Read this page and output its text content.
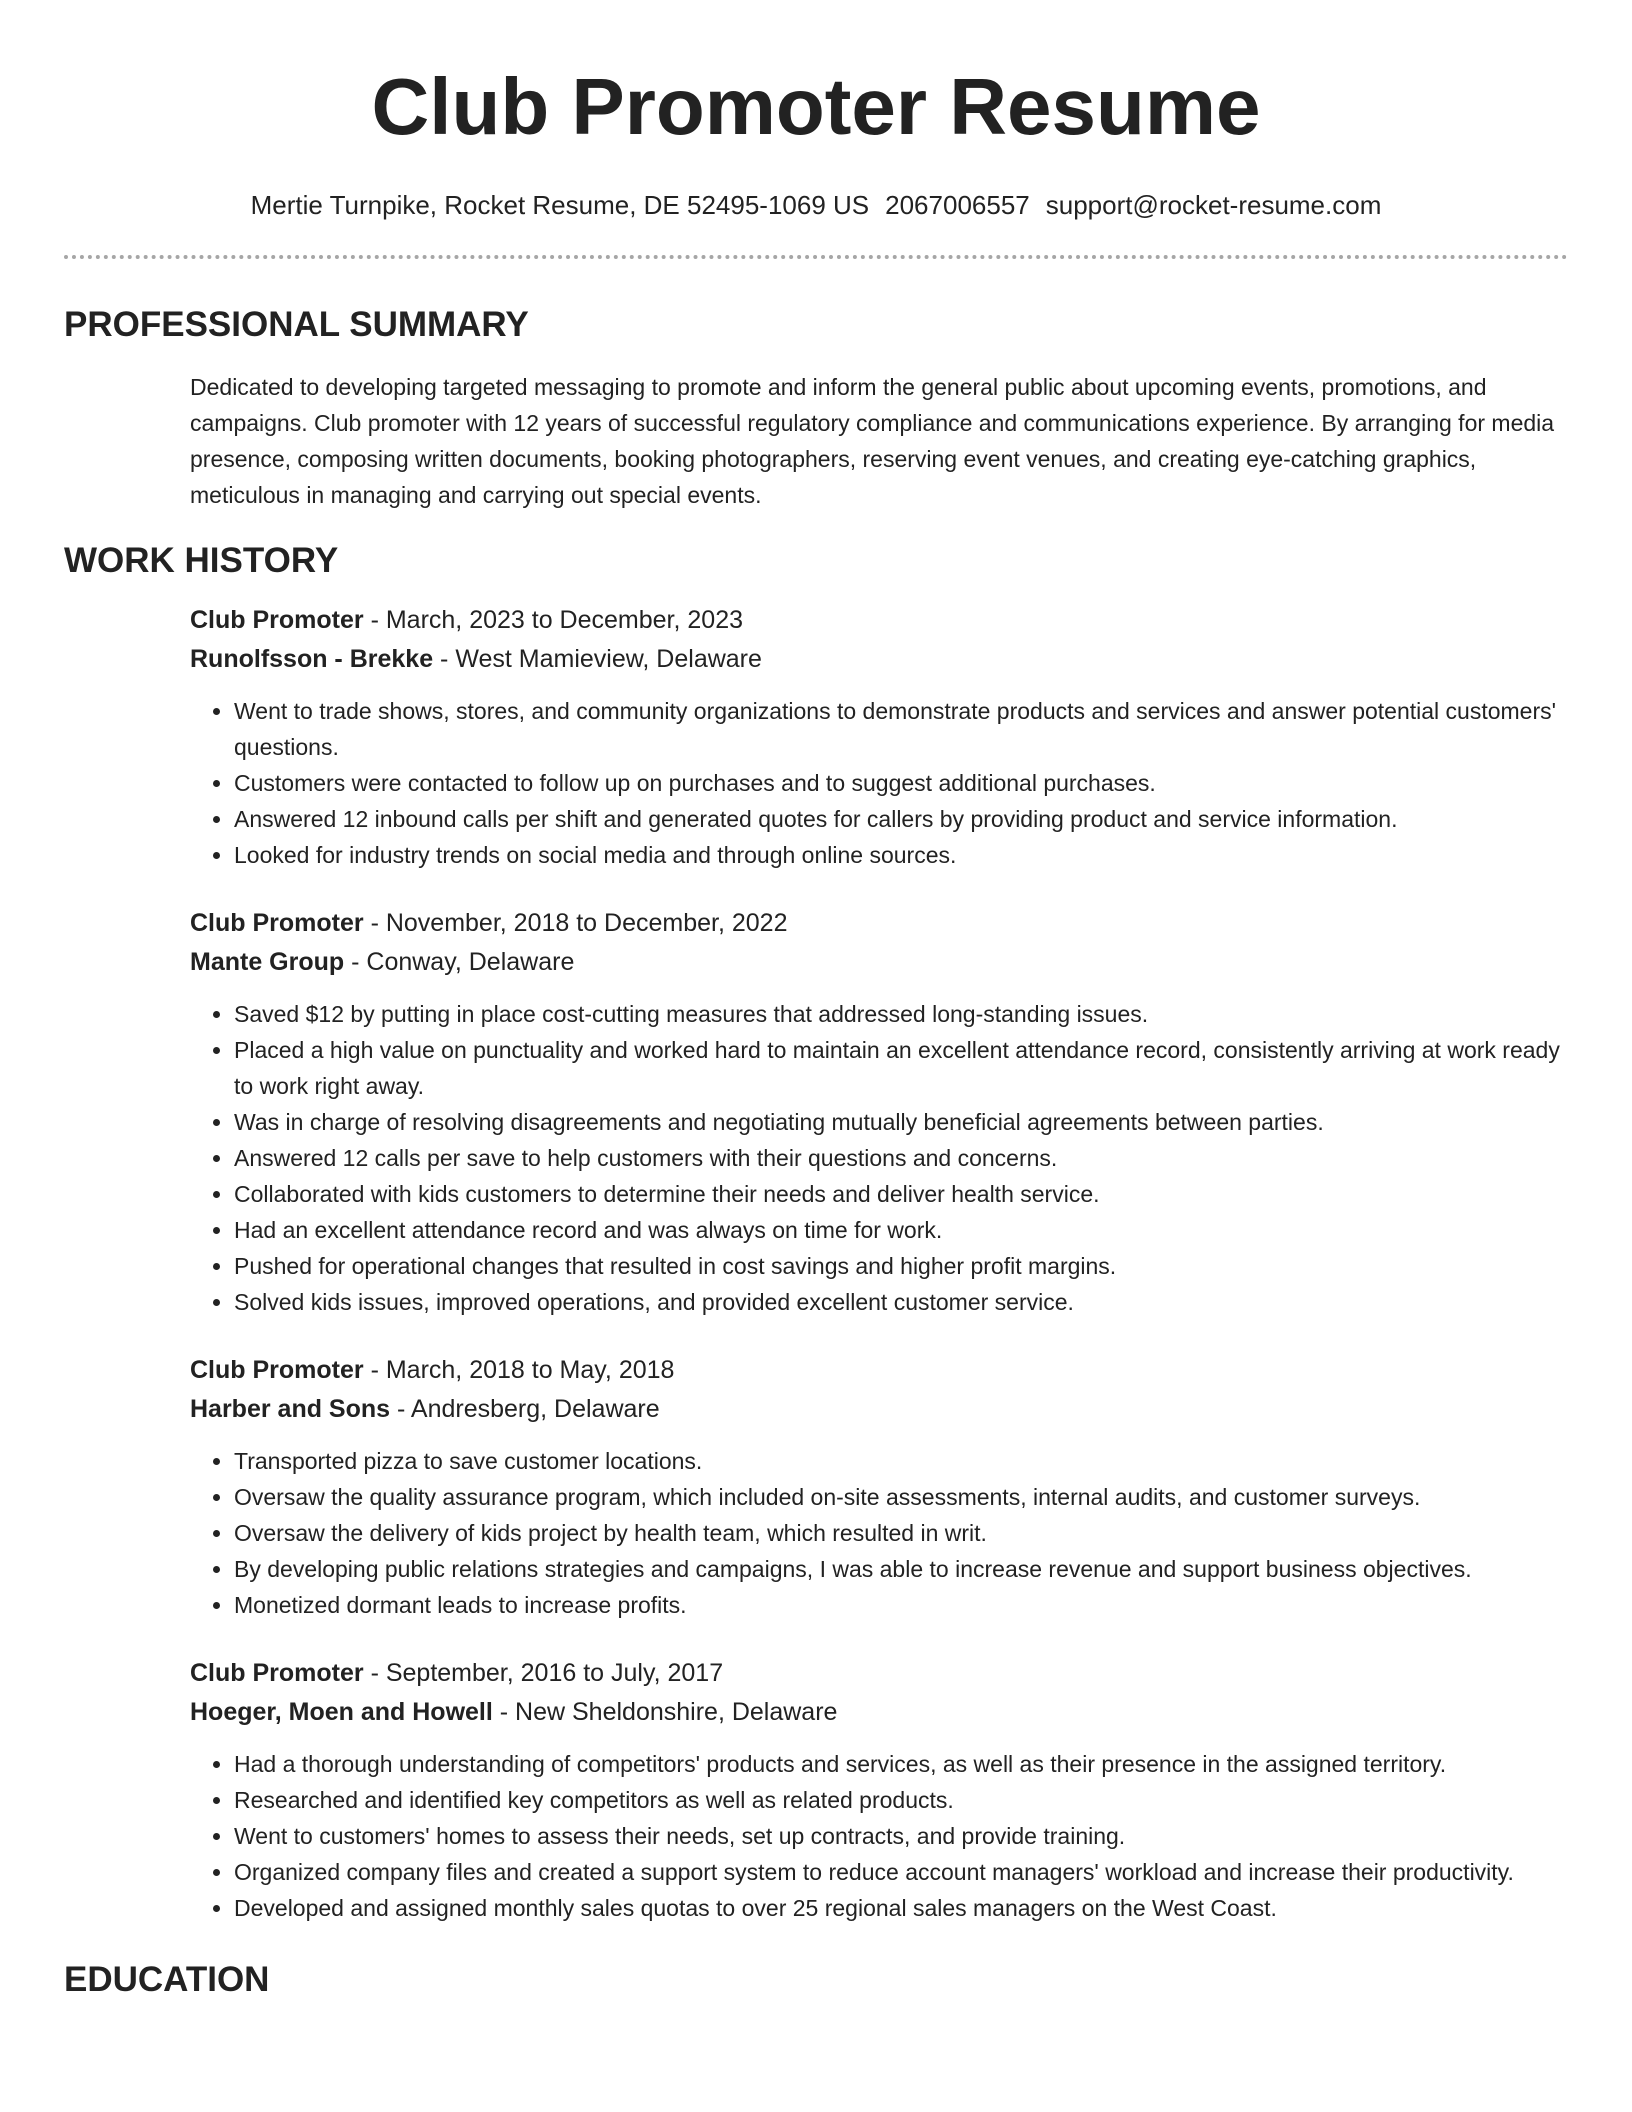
Club Promoter Resume
Mertie Turnpike, Rocket Resume, DE 52495-1069 US 2067006557 support@rocket-resume.com
PROFESSIONAL SUMMARY

Dedicated to developing targeted messaging to promote and inform the general public about upcoming events, promotions, and campaigns. Club promoter with 12 years of successful regulatory compliance and communications experience. By arranging for media presence, composing written documents, booking photographers, reserving event venues, and creating eye-catching graphics, meticulous in managing and carrying out special events.

WORK HISTORY
Club Promoter - March, 2023 to December, 2023
Runolfsson - Brekke - West Mamieview, Delaware
• Went to trade shows, stores, and community organizations to demonstrate products and services and answer potential customers' questions.
• Customers were contacted to follow up on purchases and to suggest additional purchases.
• Answered 12 inbound calls per shift and generated quotes for callers by providing product and service information.
• Looked for industry trends on social media and through online sources.
Club Promoter - November, 2018 to December, 2022
Mante Group - Conway, Delaware
• Saved $12 by putting in place cost-cutting measures that addressed long-standing issues.
• Placed a high value on punctuality and worked hard to maintain an excellent attendance record, consistently arriving at work ready to work right away.
• Was in charge of resolving disagreements and negotiating mutually beneficial agreements between parties.
• Answered 12 calls per save to help customers with their questions and concerns.
• Collaborated with kids customers to determine their needs and deliver health service.
• Had an excellent attendance record and was always on time for work.
• Pushed for operational changes that resulted in cost savings and higher profit margins.
• Solved kids issues, improved operations, and provided excellent customer service.
Club Promoter - March, 2018 to May, 2018
Harber and Sons - Andresberg, Delaware
• Transported pizza to save customer locations.
• Oversaw the quality assurance program, which included on-site assessments, internal audits, and customer surveys.
• Oversaw the delivery of kids project by health team, which resulted in writ.
• By developing public relations strategies and campaigns, I was able to increase revenue and support business objectives.
• Monetized dormant leads to increase profits.
Club Promoter - September, 2016 to July, 2017
Hoeger, Moen and Howell - New Sheldonshire, Delaware
• Had a thorough understanding of competitors' products and services, as well as their presence in the assigned territory.
• Researched and identified key competitors as well as related products.
• Went to customers' homes to assess their needs, set up contracts, and provide training.
• Organized company files and created a support system to reduce account managers' workload and increase their productivity.
• Developed and assigned monthly sales quotas to over 25 regional sales managers on the West Coast.
EDUCATION
